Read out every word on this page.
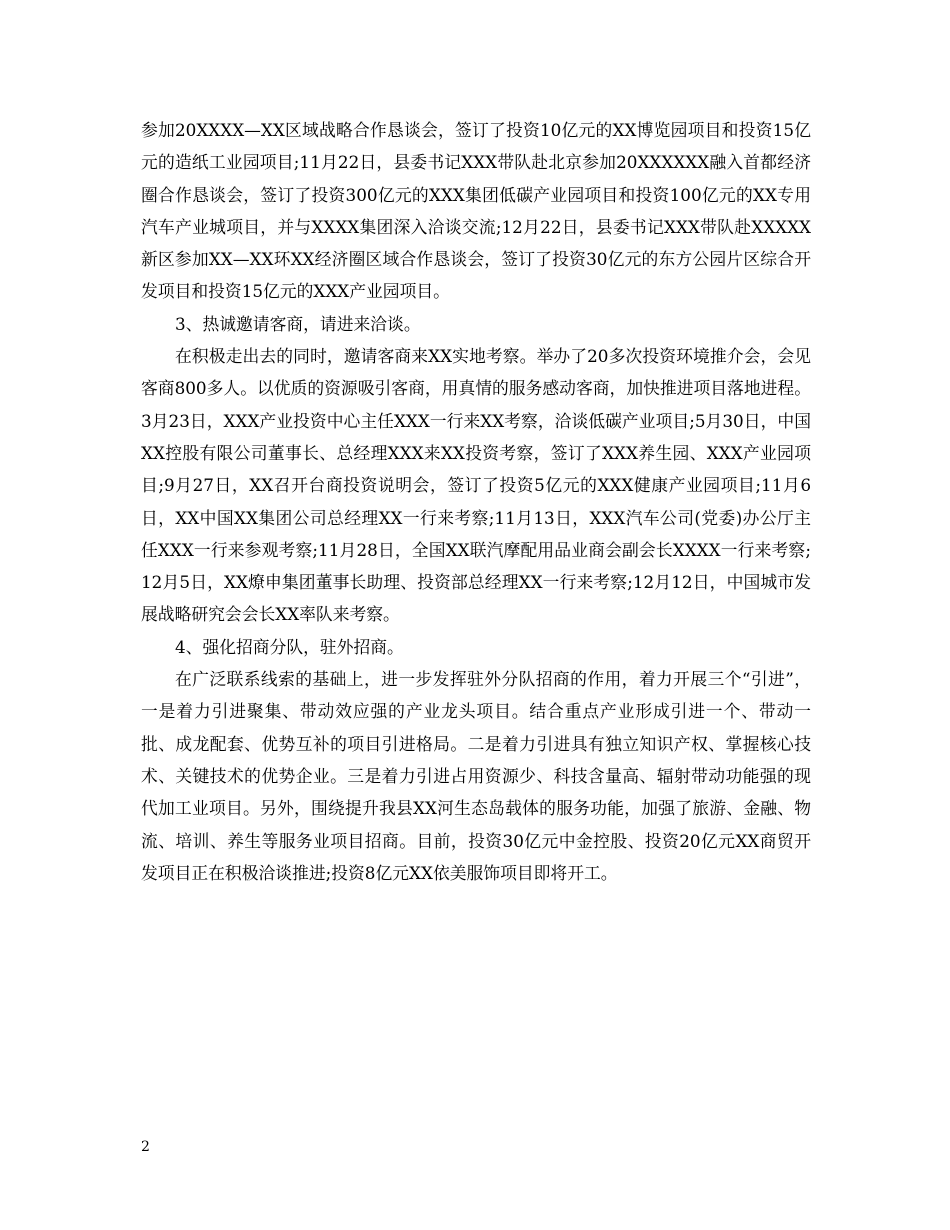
参加20XXXX—XX区域战略合作恳谈会，签订了投资10亿元的XX博览园项目和投资15亿元的造纸工业园项目;11月22日，县委书记XXX带队赴北京参加20XXXXXX融入首都经济圈合作恳谈会，签订了投资300亿元的XXX集团低碳产业园项目和投资100亿元的XX专用汽车产业城项目，并与XXXX集团深入洽谈交流;12月22日，县委书记XXX带队赴XXXXX新区参加XX—XX环XX经济圈区域合作恳谈会，签订了投资30亿元的东方公园片区综合开发项目和投资15亿元的XXX产业园项目。

3、热诚邀请客商，请进来洽谈。

在积极走出去的同时，邀请客商来XX实地考察。举办了20多次投资环境推介会，会见客商800多人。以优质的资源吸引客商，用真情的服务感动客商，加快推进项目落地进程。3月23日，XXX产业投资中心主任XXX一行来XX考察，洽谈低碳产业项目;5月30日，中国XX控股有限公司董事长、总经理XXX来XX投资考察，签订了XXX养生园、XXX产业园项目;9月27日，XX召开台商投资说明会，签订了投资5亿元的XXX健康产业园项目;11月6日，XX中国XX集团公司总经理XX一行来考察;11月13日，XXX汽车公司(党委)办公厅主任XXX一行来参观考察;11月28日，全国XX联汽摩配用品业商会副会长XXXX一行来考察;12月5日，XX燎申集团董事长助理、投资部总经理XX一行来考察;12月12日，中国城市发展战略研究会会长XX率队来考察。

4、强化招商分队，驻外招商。

在广泛联系线索的基础上，进一步发挥驻外分队招商的作用，着力开展三个“引进”，一是着力引进聚集、带动效应强的产业龙头项目。结合重点产业形成引进一个、带动一批、成龙配套、优势互补的项目引进格局。二是着力引进具有独立知识产权、掌握核心技术、关键技术的优势企业。三是着力引进占用资源少、科技含量高、辐射带动功能强的现代加工业项目。另外，围绕提升我县XX河生态岛载体的服务功能，加强了旅游、金融、物流、培训、养生等服务业项目招商。目前，投资30亿元中金控股、投资20亿元XX商贸开发项目正在积极洽谈推进;投资8亿元XX依美服饰项目即将开工。

2
